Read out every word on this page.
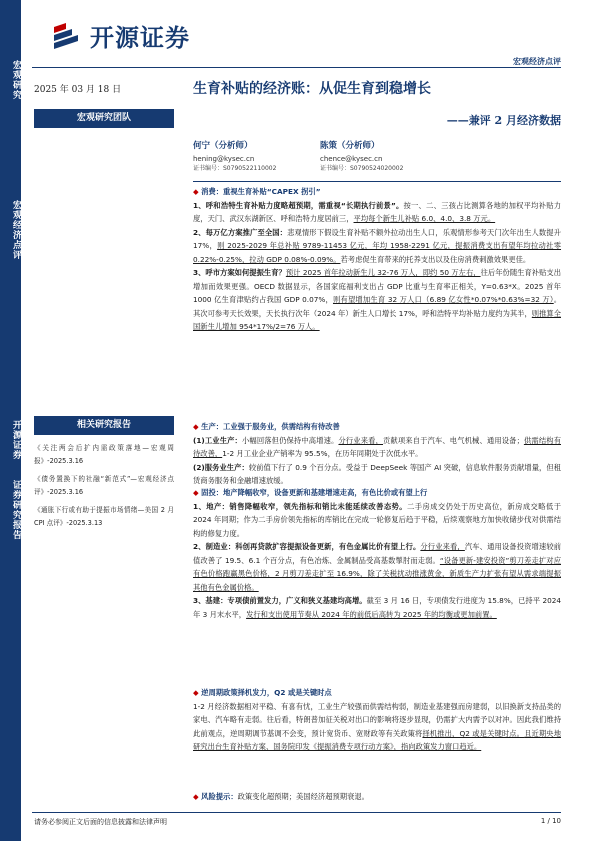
宏观研究
宏观经济点评
开源证券
证券研究报告
开源证券
宏观经济点评
2025 年 03 月 18 日
宏观研究团队
生育补贴的经济账：从促生育到稳增长
——兼评 2 月经济数据
何宁（分析师）
hening@kysec.cn
证书编号：S0790522110002
陈策（分析师）
chence@kysec.cn
证书编号：S0790524020002
◆ 消费：重视生育补贴“CAPEX 拐引”
1、呼和浩特生育补贴力度略超预期，需重视“长期执行前景”。按一、二、三孩占比测算各地的加权平均补贴力度，天门、武汉东湖新区、呼和浩特力度居前三，平均每个新生儿补贴 6.0、4.0、3.8 万元。
2、每万亿方案推广至全国：悲观情形下假设生育补贴不额外拉动出生人口，乐观情形参考天门次年出生人数提升 17%，则 2025-2029 年总补贴 9789-11453 亿元，年均 1958-2291 亿元，提振消费支出有望年均拉动社零 0.22%-0.25%，拉动 GDP 0.08%-0.09%。若考虑促生育带来的托养支出以及住房消费刺激效果更佳。
3、呼市方案如何提振生育？预计 2025 首年拉动新生儿 32-76 万人，即约 50 万左右，往后年份随生育补贴支出增加而效果更强。OECD 数据显示，各国家庭福利支出占 GDP 比重与生育率正相关，Y=0.63*X。2025 首年 1000 亿生育津贴约占我国 GDP 0.07%，则有望增加生育 32 万人口（6.89 亿女性*0.07%*0.63%=32 万）。其次可参考天长效果，天长执行次年（2024 年）新生人口增长 17%，呼和浩特平均补贴力度约为其半，则推算全国新生儿增加 954*17%/2=76 万人。
◆ 生产：工业强于服务业，供需结构有待改善
(1)工业生产：小幅回落但仍保持中高增速。分行业来看，贡献项来自于汽车、电气机械、通用设备；供需结构有待改善，1-2 月工业企业产销率为 95.5%，在历年同期处于次低水平。
(2)服务业生产：较前值下行了 0.9 个百分点。受益于 DeepSeek 等国产 AI 突破，信息软件服务贡献增量，但租赁商务服务和金融增速放缓。
◆ 固投：地产降幅收窄，设备更新和基建增速走高，有色比价或有望上行
1、地产：销售降幅收窄，领先指标和销比未能延续改善态势。二手房成交仍处于历史高位，新房成交略低于 2024 年同期；作为二手房价领先指标的库销比在完成一轮修复后趋于平稳，后续观察地方加快收储步伐对供需结构的修复力度。
2、制造业：科创再贷款扩容提振设备更新，有色金属比价有望上行。分行业来看，汽车、通用设备投资增速较前值改善了 19.5、6.1 个百分点，有色冶炼、金属制品受高基数掣肘而走弱。“设备更新-建安投资”剪刀差走扩对应有色价格跑赢黑色价格，2 月剪刀差走扩至 16.9%，除了关税扰动推涨黄金，新质生产力扩张有望从需求端提振其他有色金属价格。
3、基建：专项债前置发力，广义和狭义基建均高增。截至 3 月 16 日，专项债发行进度为 15.8%，已持平 2024 年 3 月末水平，发行和支出使用节奏从 2024 年的前低后高转为 2025 年的均衡或更加前置。
◆ 逆周期政策择机发力，Q2 或是关键时点
1-2 月经济数据相对平稳、有喜有忧，工业生产较强而供需结构弱，制造业基建强而房建弱，以旧换新支持品类的家电、汽车略有走弱。往后看，特朗普加征关税对出口的影响将逐步显现，仍需扩大内需予以对冲。因此我们维持此前观点，逆周期调节基调不会变，预计宽货币、宽财政等有关政策将择机推出，Q2 或是关键时点。且近期央地研究出台生育补贴方案、国务院印发《提振消费专项行动方案》，指向政策发力窗口趋近。
◆ 风险提示：政策变化超预期；美国经济超预期衰退。
相关研究报告
《关注两会后扩内需政策落地—宏观周报》-2025.3.16
《债务置换下的社融“新范式”—宏观经济点评》-2025.3.16
《通胀下行或有助于提振市场情绪—美国 2 月 CPI 点评》-2025.3.13
请务必参阅正文后面的信息披露和法律声明	1 / 10
